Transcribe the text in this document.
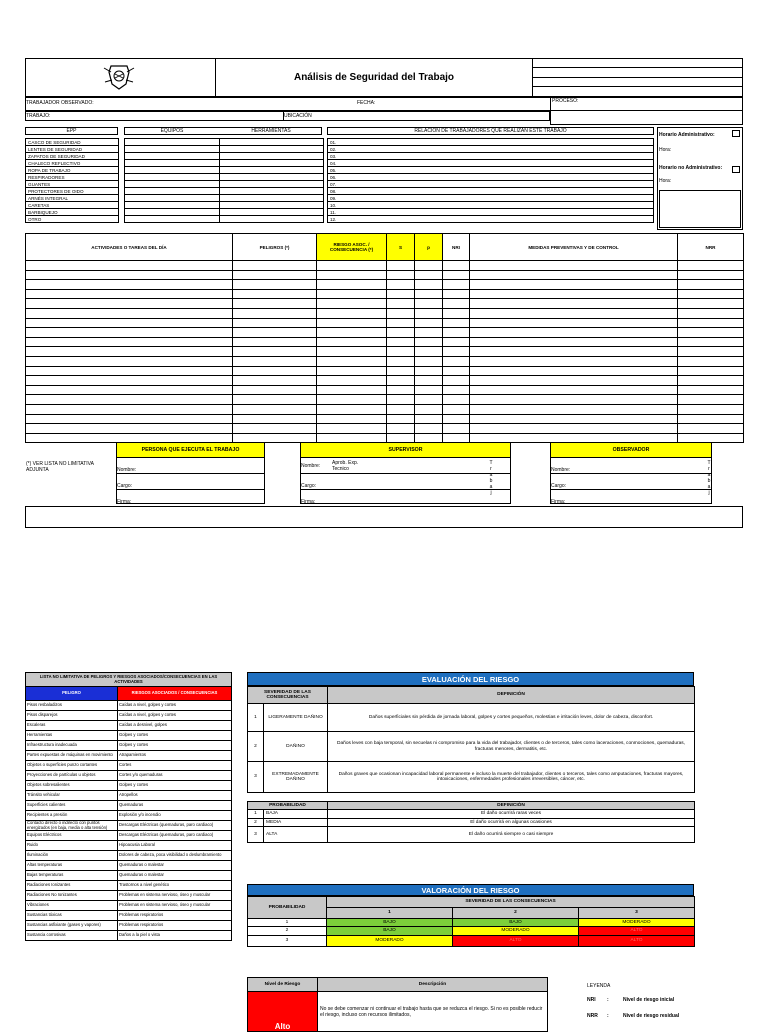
Análisis de Seguridad del Trabajo
TRABAJADOR OBSERVADO:	FECHA:	PROCESO:
TRABAJO:	UBICACIÓN
EPP	EQUIPOS	HERRAMIENTAS	RELACIÓN DE TRABAJADORES QUE REALIZAN ESTE TRABAJO
CASCO DE SEGURIDAD			
LENTES DE SEGURIDAD			
ZAPATOS DE SEGURIDAD			
CHALECO REFLECTIVO			
ROPA DE TRABAJO			
RESPIRADORES			
GUANTES			
PROTECTORES DE OIDO			
ARNÉS INTEGRAL			
CARETAS			
BARBIQUEJO			
OTRO			
01.
02.
03.
04.
05.
06.
07.
08.
09.
10.
11.
12.
Horario Administrativo:
Hora:
Horario no Administrativo:
Hora:
ACTIVIDADES O TAREAS DEL DÍA	PELIGROS (*)	RIESGO ASOC. / CONSECUENCIA (*)	S	p	NRI	MEDIDAS PREVENTIVAS Y DE CONTROL	NRR

(*) VER LISTA NO LIMITATIVA ADJUNTA
PERSONA QUE EJECUTA EL TRABAJO
Nombre:
Cargo:
Firma:
SUPERVISOR
Nombre: Aprob. Exp. Tecnico
Cargo:
Firma:
T
r
a
b
a
j
OBSERVADOR
Nombre:
Cargo:
Firma:
T
r
a
b
a
j
LISTA NO LIMITATIVA DE PELIGROS Y RIESGOS ASOCIADOS/CONSECUENCIAS EN LAS ACTIVIDADES	
PELIGRO	RIESGOS ASOCIADOS / CONSECUENCIAS
Pisos resbaladizos	Caídas a nivel, golpes y cortes
Pisos disparejos	Caídas a nivel, golpes y cortes
Escaleras	Caídas a desnivel, golpes
Herramientas	Golpes y cortes
Infraestructura inadecuada	Golpes y cortes
Partes expuestas de máquinas en movimiento	Atrapamientos
Objetos o superficies punzo cortantes	Cortes
Proyecciones de partículas u objetos	Cortes y/o quemaduras
Objetos sobresalientes	Golpes y cortes
Tránsito vehicular	Atropellos
Superficies calientes	Quemaduras
Recipientes a presión	Explosión y/o incendio
Contacto directo o indirecto con puntos energizados (en baja, media o alta tensión)	Descargas Eléctricas (quemaduras, paro cardiaco)
Equipos Eléctricos	Descargas Eléctricas (quemaduras, paro cardiaco)
Ruido	Hipoacusia Laboral
Iluminación	Dolores de cabeza, poca visibilidad o deslumbramiento
Altas temperaturas	Quemaduras o malestar
Bajas temperaturas	Quemaduras o malestar
Radiaciones Ionizantes	Trastornos a nivel genético
Radiaciones No Ionizantes	Problemas en sistema nervioso, óseo y muscular
Vibraciones	Problemas en sistema nervioso, óseo y muscular
Sustancias tóxicas	Problemas respiratorios
Sustancias asfixiante (gases y vapores)	Problemas respiratorios
Sustancia corrosivas	Daños a la piel o vista
EVALUACIÓN DEL RIESGO
SEVERIDAD DE LAS CONSECUENCIAS		DEFINICIÓN
1	LIGERAMENTE DAÑINO	Daños superficiales sin pérdida de jornada laboral, golpes y cortes pequeños, molestias e irritación leves, dolor de cabeza, disconfort.
2	DAÑINO	Daños leves con baja temporal, sin secuelas ni compromiso para la vida del trabajador, clientes o de terceros, tales como laceraciones, conmociones, quemaduras, fracturas menores, dermatitis, etc.
3	EXTREMADAMENTE DAÑINO	Daños graves que ocasionan incapacidad laboral permanente e incluso la muerte del trabajador, clientes o terceros, tales como amputaciones, fracturas mayores, intoxicaciones, enfermedades profesionales irreversibles, cáncer, etc.
PROBABILIDAD		DEFINICIÓN
1	BAJA	El daño ocurrirá raras veces
2	MEDIA	El daño ocurrirá en algunas ocasiones
3	ALTA	El daño ocurrirá siempre o casi siempre
VALORACIÓN DEL RIESGO
PROBABILIDAD	SEVERIDAD DE LAS CONSECUENCIAS		
	1	2	3
1	BAJO	BAJO	MODERADO
2	BAJO	MODERADO	ALTO
3	MODERADO	ALTO	ALTO
Nivel de Riesgo	Descripción
Alto	No se debe comenzar ni continuar el trabajo hasta que se reduzca el riesgo. Si no es posible reducir el riesgo, incluso con recursos ilimitados,
LEYENDA
NRI	:	Nivel de riesgo inicial
NRR	:	Nivel de riesgo residual
